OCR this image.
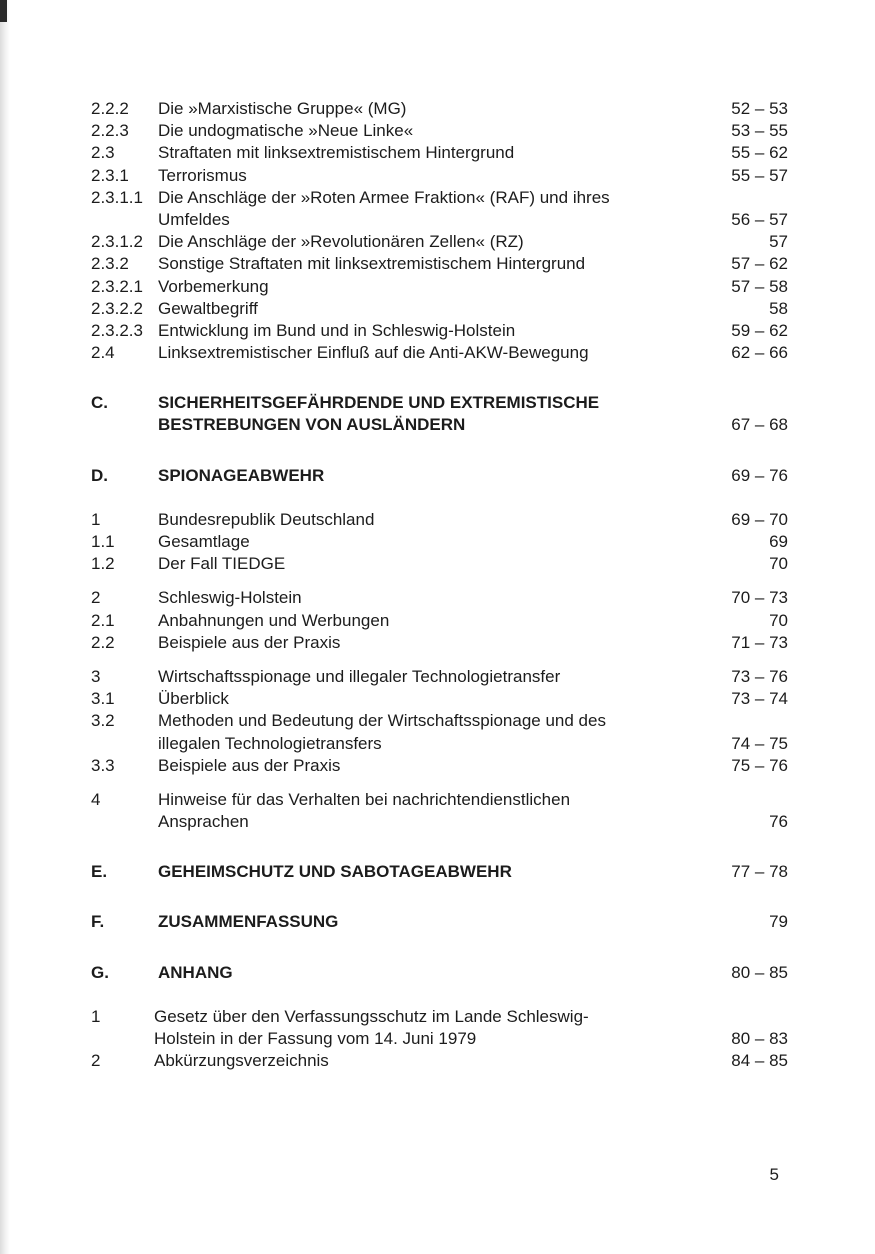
2.2.2 Die »Marxistische Gruppe« (MG)	52 – 53
2.2.3 Die undogmatische »Neue Linke«	53 – 55
2.3	Straftaten mit linksextremistischem Hintergrund	55 – 62
2.3.1 Terrorismus	55 – 57
2.3.1.1 Die Anschläge der »Roten Armee Fraktion« (RAF) und ihres
Umfeldes	56 – 57
2.3.1.2 Die Anschläge der »Revolutionären Zellen« (RZ)	57
2.3.2 Sonstige Straftaten mit linksextremistischem Hintergrund	57 – 62
2.3.2.1 Vorbemerkung	57 – 58
2.3.2.2 Gewaltbegriff	58
2.3.2.3 Entwicklung im Bund und in Schleswig-Holstein	59 – 62
2.4	Linksextremistischer Einfluß auf die Anti-AKW-Bewegung	62 – 66
C.	SICHERHEITSGEFÄHRDENDE UND EXTREMISTISCHE
BESTREBUNGEN VON AUSLÄNDERN	67 – 68
D.	SPIONAGEABWEHR	69 – 76
1	Bundesrepublik Deutschland	69 – 70
1.1	Gesamtlage	69
1.2	Der Fall TIEDGE	70
2	Schleswig-Holstein	70 – 73
2.1	Anbahnungen und Werbungen	70
2.2	Beispiele aus der Praxis	71 – 73
3	Wirtschaftsspionage und illegaler Technologietransfer	73 – 76
3.1	Überblick	73 – 74
3.2	Methoden und Bedeutung der Wirtschaftsspionage und des
illegalen Technologietransfers	74 – 75
3.3	Beispiele aus der Praxis	75 – 76
4	Hinweise für das Verhalten bei nachrichtendienstlichen
Ansprachen	76
E.	GEHEIMSCHUTZ UND SABOTAGEABWEHR	77 – 78
F.	ZUSAMMENFASSUNG	79
G.	ANHANG	80 – 85
1	Gesetz über den Verfassungsschutz im Lande Schleswig-
Holstein in der Fassung vom 14. Juni 1979	80 – 83
2	Abkürzungsverzeichnis	84 – 85
5
